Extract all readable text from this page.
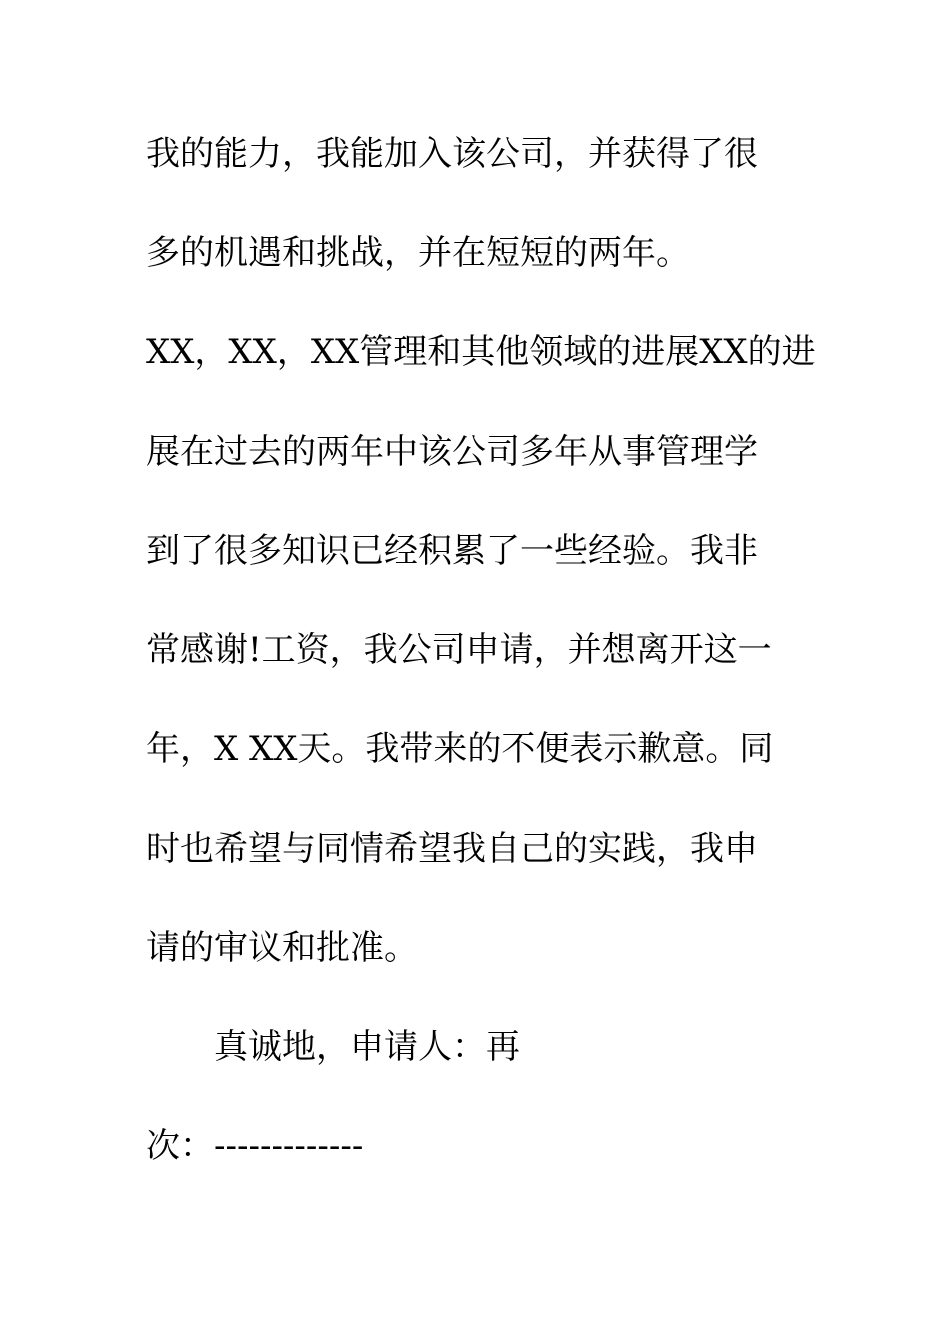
我的能力，我能加入该公司，并获得了很
多的机遇和挑战，并在短短的两年。
XX，XX，XX管理和其他领域的进展XX的进
展在过去的两年中该公司多年从事管理学
到了很多知识已经积累了一些经验。我非
常感谢!工资，我公司申请，并想离开这一
年，X XX天。我带来的不便表示歉意。同
时也希望与同情希望我自己的实践，我申
请的审议和批准。
真诚地，申请人：再
次：-------------
